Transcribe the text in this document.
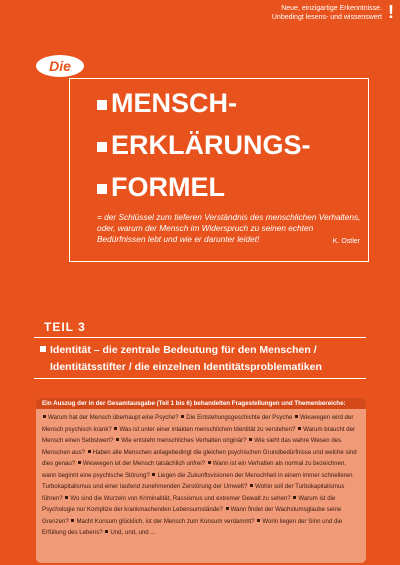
Neue, einzigartige Erkenntnisse.
Unbedingt lesens- und wissenswert !
Die
MENSCH-
ERKLÄRUNGS-
FORMEL
= der Schlüssel zum tieferen Verständnis des menschlichen Verhaltens, oder, warum der Mensch im Widerspruch zu seinen echten Bedürfnissen lebt und wie er darunter leidet!	K. Ostler
TEIL 3
Identität – die zentrale Bedeutung für den Menschen /
Identitätsstifter / die einzelnen Identitätsproblematiken
Ein Auszug der in der Gesamtausgabe (Teil 1 bis 6) behandelten Fragestellungen und Themenbereiche:
Warum hat der Mensch überhaupt eine Psyche? Die Entstehungsgeschichte der Psyche Weswegen wird der Mensch psychisch krank? Was ist unter einer intakten menschlichen Identität zu verstehen? Warum braucht der Mensch einen Selbstwert? Wie entsteht menschliches Verhalten originär? Wie sieht das wahre Wesen des Menschen aus? Haben alle Menschen anlagebedingt die gleichen psychischen Grundbedürfnisse und welche sind dies genau? Weswegen ist der Mensch tatsächlich unfrei? Wann ist ein Verhalten als normal zu bezeichnen, wann beginnt eine psychische Störung? Liegen die Zukunftsvisionen der Menschheit in einem immer schnelleren Turbokapitalismus und einer laufend zunehmenden Zerstörung der Umwelt? Wohin soll der Turbokapitalismus führen? Wo sind die Wurzeln von Kriminalität, Rassismus und extremer Gewalt zu sehen? Warum ist die Psychologie nur Komplize der krankmachenden Lebensumstände? Wann findet der Wachstumsglaube seine Grenzen? Macht Konsum glücklich, ist der Mensch zum Konsum verdammt? Worin liegen der Sinn und die Erfüllung des Lebens? Und, und, und ...
